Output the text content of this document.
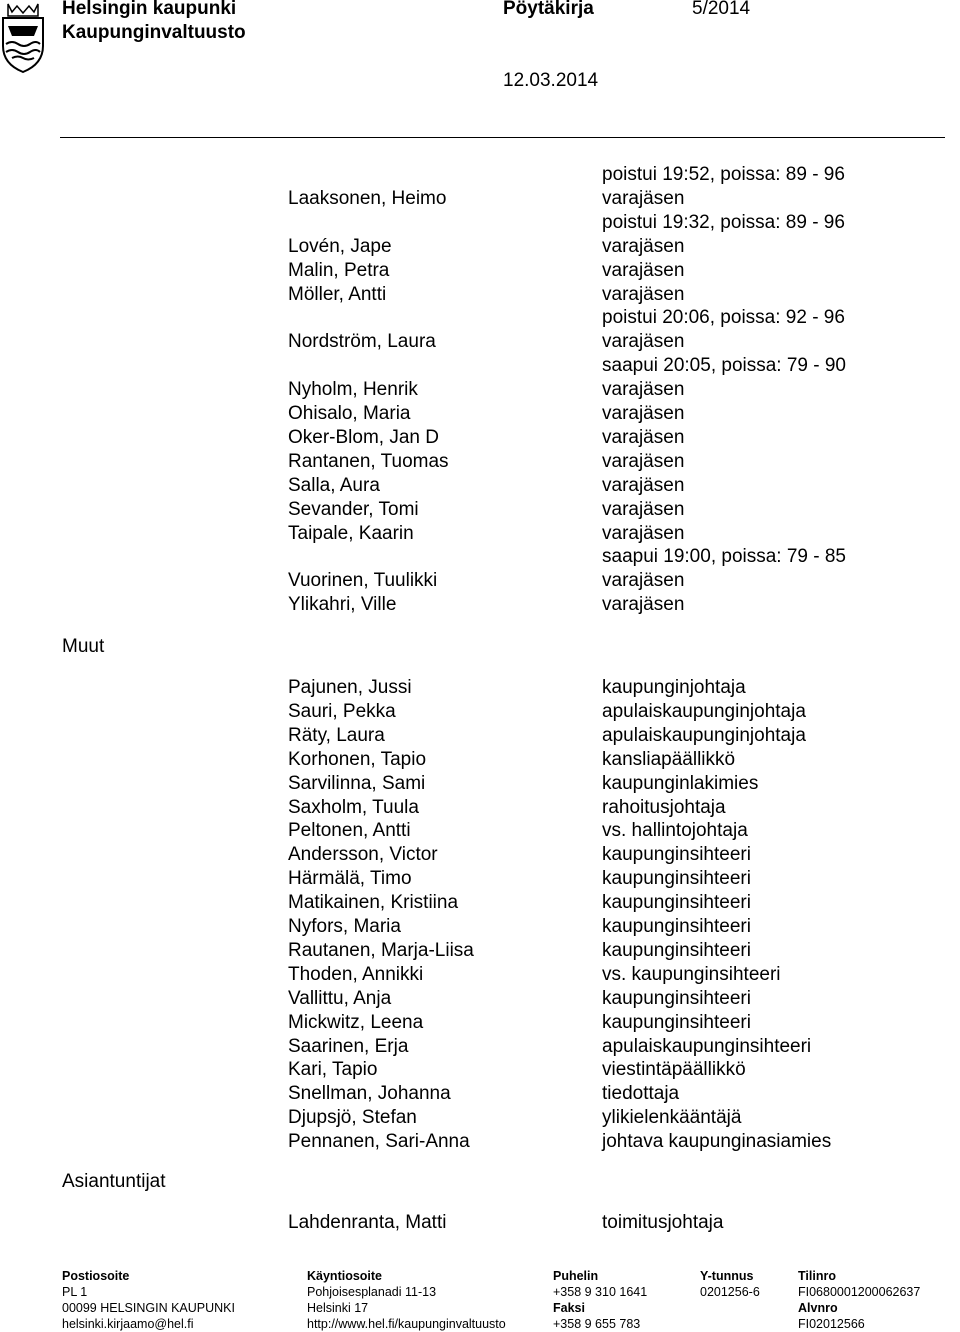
Helsingin kaupunki
Kaupunginvaltuusto
Pöytäkirja	5/2014
12.03.2014
poistui 19:52, poissa: 89 - 96
Laaksonen, Heimo	varajäsen
poistui 19:32, poissa: 89 - 96
Lovén, Jape	varajäsen
Malin, Petra	varajäsen
Möller, Antti	varajäsen
poistui 20:06, poissa: 92 - 96
Nordström, Laura	varajäsen
saapui 20:05, poissa: 79 - 90
Nyholm, Henrik	varajäsen
Ohisalo, Maria	varajäsen
Oker-Blom, Jan D	varajäsen
Rantanen, Tuomas	varajäsen
Salla, Aura	varajäsen
Sevander, Tomi	varajäsen
Taipale, Kaarin	varajäsen
saapui 19:00, poissa: 79 - 85
Vuorinen, Tuulikki	varajäsen
Ylikahri, Ville	varajäsen
Muut
Asiantuntijat
Pajunen, Jussi	kaupunginjohtaja
Sauri, Pekka	apulaiskaupunginjohtaja
Räty, Laura	apulaiskaupunginjohtaja
Korhonen, Tapio	kansliapäällikkö
Sarvilinna, Sami	kaupunginlakimies
Saxholm, Tuula	rahoitusjohtaja
Peltonen, Antti	vs. hallintojohtaja
Andersson, Victor	kaupunginsihteeri
Härmälä, Timo	kaupunginsihteeri
Matikainen, Kristiina	kaupunginsihteeri
Nyfors, Maria	kaupunginsihteeri
Rautanen, Marja-Liisa	kaupunginsihteeri
Thoden, Annikki	vs. kaupunginsihteeri
Vallittu, Anja	kaupunginsihteeri
Mickwitz, Leena	kaupunginsihteeri
Saarinen, Erja	apulaiskaupunginsihteeri
Kari, Tapio	viestintäpäällikkö
Snellman, Johanna	tiedottaja
Djupsjö, Stefan	ylikielenkääntäjä
Pennanen, Sari-Anna	johtava kaupunginasiamies
Lahdenranta, Matti	toimitusjohtaja
Postiosoite
PL 1
00099 HELSINGIN KAUPUNKI
helsinki.kirjaamo@hel.fi
Käyntiosoite
Pohjoisesplanadi 11-13
Helsinki 17
http://www.hel.fi/kaupunginvaltuusto
Puhelin
+358 9 310 1641
Faksi
+358 9 655 783
Y-tunnus
0201256-6
Tilinro
FI0680001200062637
Alvnro
FI02012566
